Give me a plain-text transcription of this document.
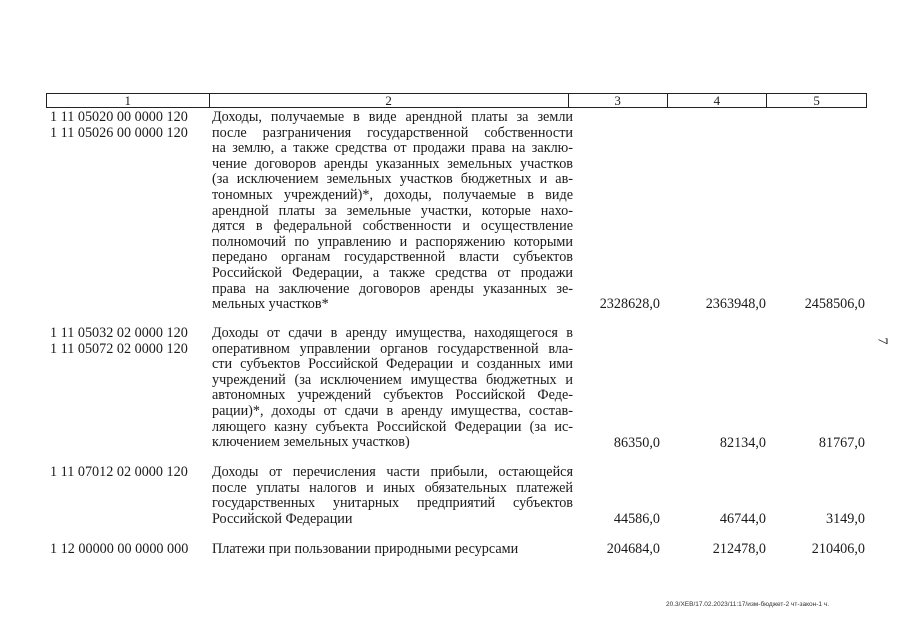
1	2	3	4	5
1 11 05020 00 0000 120
1 11 05026 00 0000 120
Доходы, получаемые в виде арендной платы за земли
после разграничения государственной собственности
на землю, а также средства от продажи права на заклю-
чение договоров аренды указанных земельных участков
(за исключением земельных участков бюджетных и ав-
тономных учреждений)*, доходы, получаемые в виде
арендной платы за земельные участки, которые нахо-
дятся в федеральной собственности и осуществление
полномочий по управлению и распоряжению которыми
передано органам государственной власти субъектов
Российской Федерации, а также средства от продажи
права на заключение договоров аренды указанных зе-
мельных участков*	2328628,0	2363948,0	2458506,0
1 11 05032 02 0000 120
1 11 05072 02 0000 120
Доходы от сдачи в аренду имущества, находящегося в
оперативном управлении органов государственной вла-
сти субъектов Российской Федерации и созданных ими
учреждений (за исключением имущества бюджетных и
автономных учреждений субъектов Российской Феде-
рации)*, доходы от сдачи в аренду имущества, состав-
ляющего казну субъекта Российской Федерации (за ис-
ключением земельных участков)	86350,0	82134,0	81767,0
1 11 07012 02 0000 120	Доходы от перечисления части прибыли, остающейся
после уплаты налогов и иных обязательных платежей
государственных унитарных предприятий субъектов
Российской Федерации	44586,0	46744,0	3149,0
1 12 00000 00 0000 000	Платежи при пользовании природными ресурсами	204684,0	212478,0	210406,0
7
20.3/ХЕВ/17.02.2023/11:17/изм-бюджет-2 чт-закон-1 ч.
